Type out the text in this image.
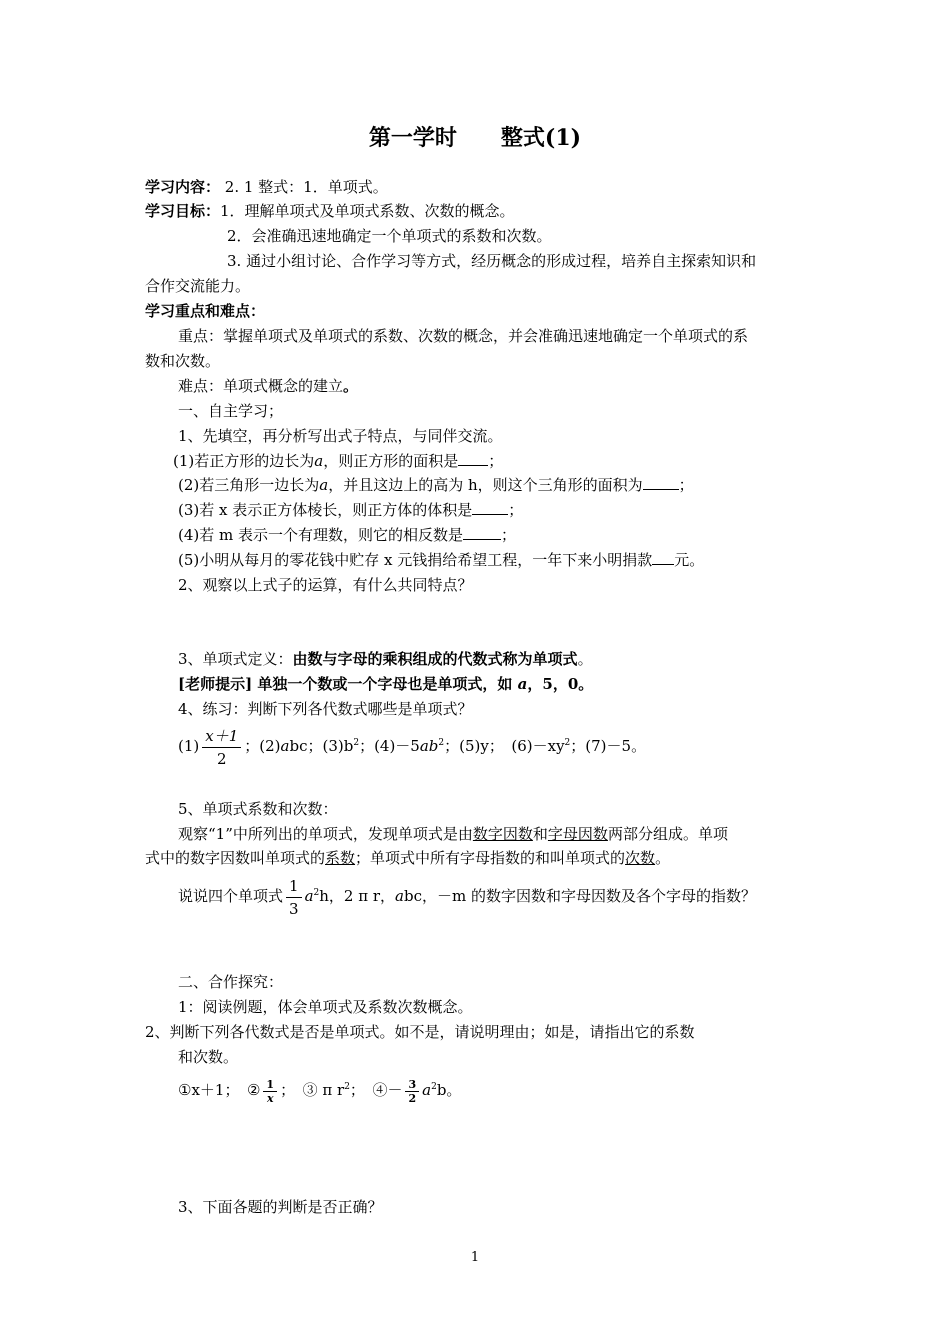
第一学时　　整式(1)
学习内容： 2. 1 整式：1．单项式。
学习目标：1．理解单项式及单项式系数、次数的概念。
2．会准确迅速地确定一个单项式的系数和次数。
3. 通过小组讨论、合作学习等方式，经历概念的形成过程，培养自主探索知识和
合作交流能力。
学习重点和难点：
重点：掌握单项式及单项式的系数、次数的概念，并会准确迅速地确定一个单项式的系
数和次数。
难点：单项式概念的建立。
一、自主学习；
1、先填空，再分析写出式子特点，与同伴交流。
(1)若正方形的边长为a，则正方形的面积是 ；
(2)若三角形一边长为a，并且这边上的高为 h，则这个三角形的面积为 ；
(3)若 x 表示正方体棱长，则正方体的体积是 ；
(4)若 m 表示一个有理数，则它的相反数是	；
(5)小明从每月的零花钱中贮存 x 元钱捐给希望工程，一年下来小明捐款 元。
2、观察以上式子的运算，有什么共同特点？
3、单项式定义：由数与字母的乘积组成的代数式称为单项式。
[老师提示] 单独一个数或一个字母也是单项式，如 a，5，0。
4、练习：判断下列各代数式哪些是单项式？
$(1) \frac{x+1}{2}$ ；(2)abc；$(3)b^2$；$(4)-5ab^2$；(5)y；　$(6)-xy^2$；(7)－5。
5、单项式系数和次数：
观察“1”中所列出的单项式，发现单项式是由数字因数和字母因数两部分组成。单项
式中的数字因数叫单项式的系数；单项式中所有字母指数的和叫单项式的次数。
说说四个单项式 $\frac{1}{3} a^2h$，2 π r，abc，－m 的数字因数和字母因数及各个字母的指数？
二、合作探究：
1：阅读例题，体会单项式及系数次数概念。
2、判断下列各代数式是否是单项式。如不是，请说明理由；如是，请指出它的系数
和次数。
①x＋1；　 ② $\frac{1}{x}$ ；　 ③ π $r^2$；　 ④－ $\frac{3}{2} a^2b$。
3、下面各题的判断是否正确？
1
